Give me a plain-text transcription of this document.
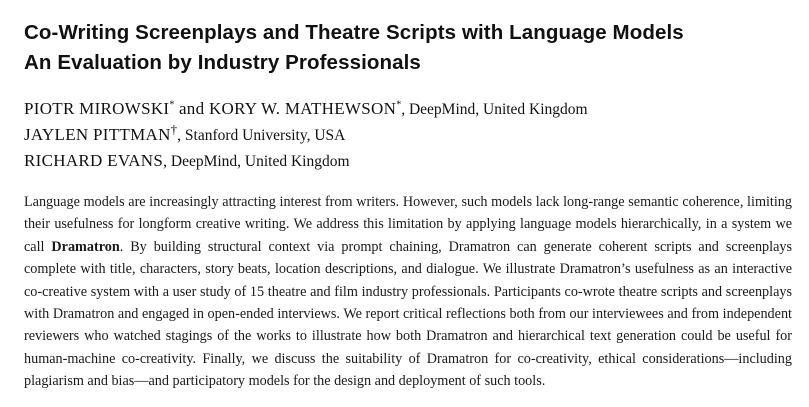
Co-Writing Screenplays and Theatre Scripts with Language Models
An Evaluation by Industry Professionals
PIOTR MIROWSKI* and KORY W. MATHEWSON*, DeepMind, United Kingdom
JAYLEN PITTMAN†, Stanford University, USA
RICHARD EVANS, DeepMind, United Kingdom

Language models are increasingly attracting interest from writers. However, such models lack long-range semantic coherence, limiting their usefulness for longform creative writing. We address this limitation by applying language models hierarchically, in a system we call Dramatron. By building structural context via prompt chaining, Dramatron can generate coherent scripts and screenplays complete with title, characters, story beats, location descriptions, and dialogue. We illustrate Dramatron’s usefulness as an interactive co-creative system with a user study of 15 theatre and film industry professionals. Participants co-wrote theatre scripts and screenplays with Dramatron and engaged in open-ended interviews. We report critical reflections both from our interviewees and from independent reviewers who watched stagings of the works to illustrate how both Dramatron and hierarchical text generation could be useful for human-machine co-creativity. Finally, we discuss the suitability of Dramatron for co-creativity, ethical considerations—including plagiarism and bias—and participatory models for the design and deployment of such tools.
